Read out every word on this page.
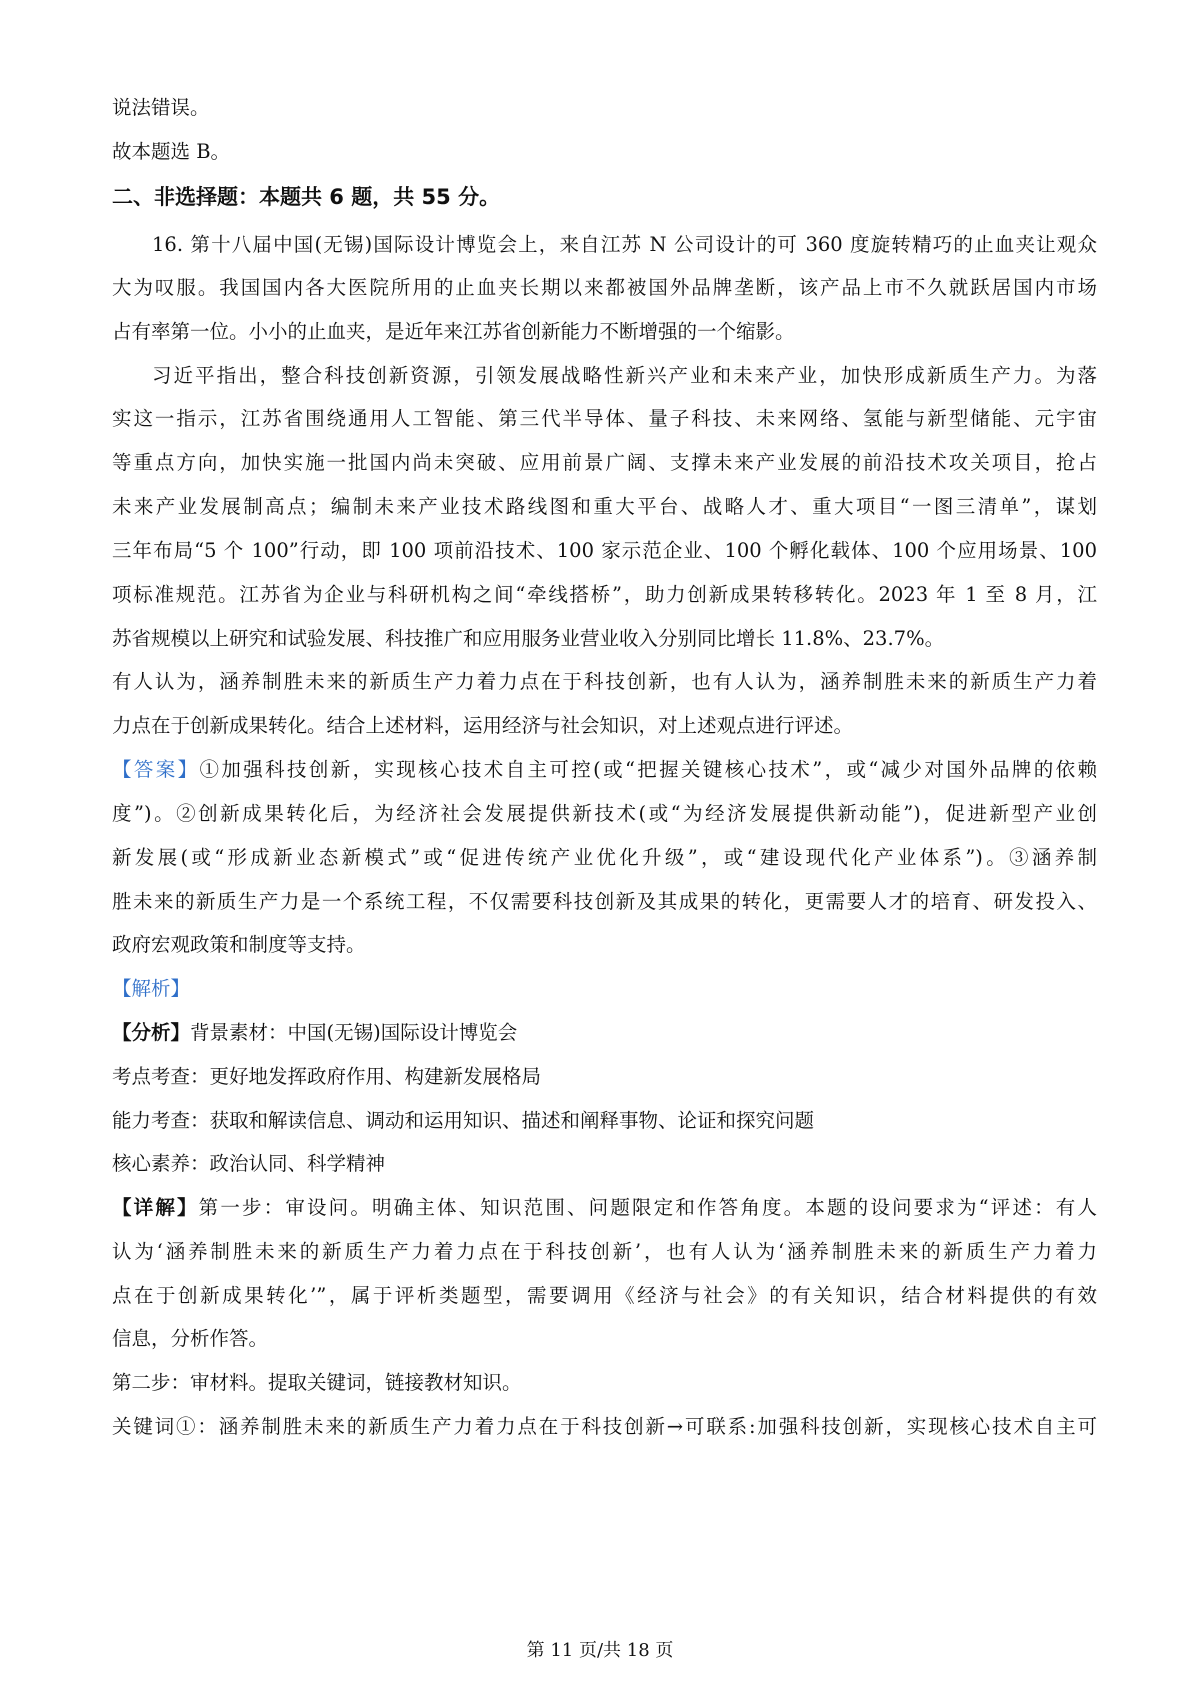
说法错误。
故本题选 B。
二、非选择题：本题共 6 题，共 55 分。
16. 第十八届中国(无锡)国际设计博览会上，来自江苏 N 公司设计的可 360 度旋转精巧的止血夹让观众
大为叹服。我国国内各大医院所用的止血夹长期以来都被国外品牌垄断，该产品上市不久就跃居国内市场
占有率第一位。小小的止血夹，是近年来江苏省创新能力不断增强的一个缩影。
习近平指出，整合科技创新资源，引领发展战略性新兴产业和未来产业，加快形成新质生产力。为落
实这一指示，江苏省围绕通用人工智能、第三代半导体、量子科技、未来网络、氢能与新型储能、元宇宙
等重点方向，加快实施一批国内尚未突破、应用前景广阔、支撑未来产业发展的前沿技术攻关项目，抢占
未来产业发展制高点；编制未来产业技术路线图和重大平台、战略人才、重大项目“一图三清单”，谋划
三年布局“5 个 100”行动，即 100 项前沿技术、100 家示范企业、100 个孵化载体、100 个应用场景、100
项标准规范。江苏省为企业与科研机构之间“牵线搭桥”，助力创新成果转移转化。2023 年 1 至 8 月，江
苏省规模以上研究和试验发展、科技推广和应用服务业营业收入分别同比增长 11.8%、23.7%。
有人认为，涵养制胜未来的新质生产力着力点在于科技创新，也有人认为，涵养制胜未来的新质生产力着
力点在于创新成果转化。结合上述材料，运用经济与社会知识，对上述观点进行评述。
【答案】①加强科技创新，实现核心技术自主可控(或“把握关键核心技术”，或“减少对国外品牌的依赖
度”)。②创新成果转化后，为经济社会发展提供新技术(或“为经济发展提供新动能”)，促进新型产业创
新发展(或“形成新业态新模式”或“促进传统产业优化升级”，或“建设现代化产业体系”)。③涵养制
胜未来的新质生产力是一个系统工程，不仅需要科技创新及其成果的转化，更需要人才的培育、研发投入、
政府宏观政策和制度等支持。
【解析】
【分析】背景素材：中国(无锡)国际设计博览会
考点考查：更好地发挥政府作用、构建新发展格局
能力考查：获取和解读信息、调动和运用知识、描述和阐释事物、论证和探究问题
核心素养：政治认同、科学精神
【详解】第一步：审设问。明确主体、知识范围、问题限定和作答角度。本题的设问要求为“评述：有人
认为‘涵养制胜未来的新质生产力着力点在于科技创新’，也有人认为‘涵养制胜未来的新质生产力着力
点在于创新成果转化’”，属于评析类题型，需要调用《经济与社会》的有关知识，结合材料提供的有效
信息，分析作答。
第二步：审材料。提取关键词，链接教材知识。
关键词①：涵养制胜未来的新质生产力着力点在于科技创新→可联系:加强科技创新，实现核心技术自主可
第 11 页/共 18 页
